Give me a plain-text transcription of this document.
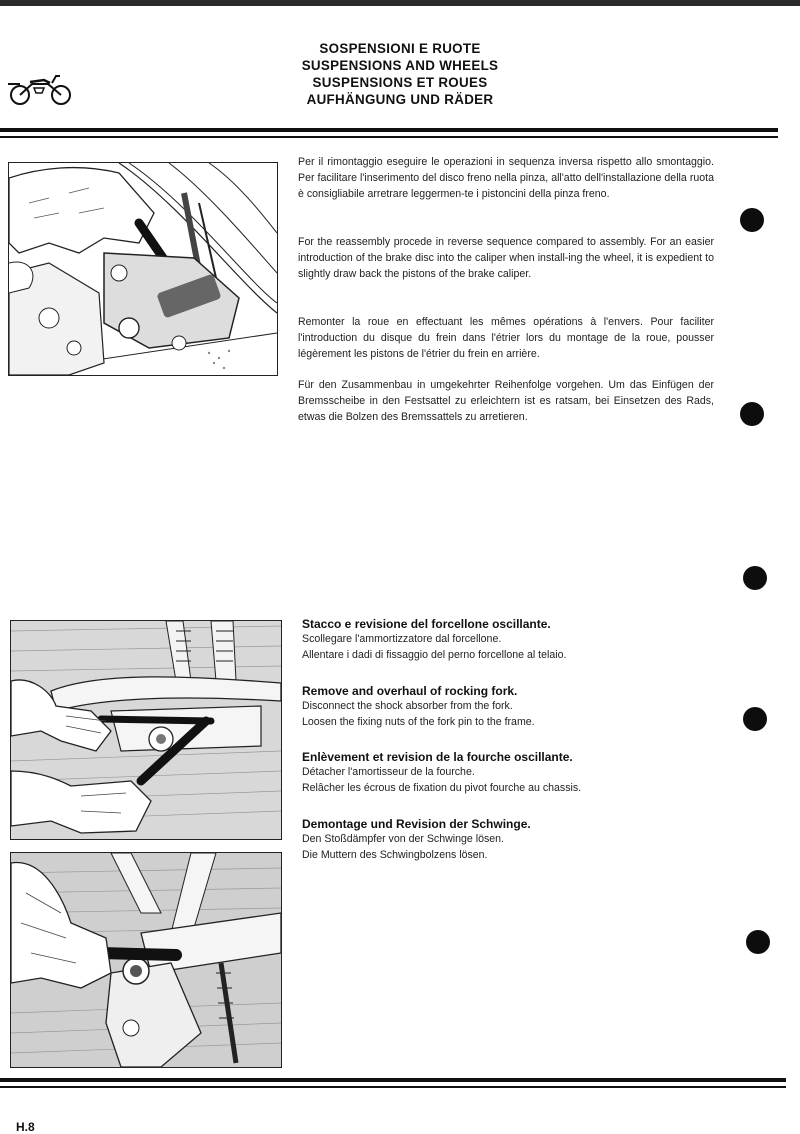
SOSPENSIONI E RUOTE
SUSPENSIONS AND WHEELS
SUSPENSIONS ET ROUES
AUFHÄNGUNG UND RÄDER

Per il rimontaggio eseguire le operazioni in sequenza inversa rispetto allo smontaggio. Per facilitare l'inserimento del disco freno nella pinza, all'atto dell'installazione della ruota è consigliabile arretrare leggermen-te i pistoncini della pinza freno.

For the reassembly procede in reverse sequence compared to assembly. For an easier introduction of the brake disc into the caliper when install-ing the wheel, it is expedient to slightly draw back the pistons of the brake caliper.

Remonter la roue en effectuant les mêmes opérations à l'envers. Pour faciliter l'introduction du disque du frein dans l'étrier lors du montage de la roue, pousser légèrement les pistons de l'étrier du frein en arrière.

Für den Zusammenbau in umgekehrter Reihenfolge vorgehen. Um das Einfügen der Bremsscheibe in den Festsattel zu erleichtern ist es ratsam, bei Einsetzen des Rads, etwas die Bolzen des Bremssattels zu arretieren.

Stacco e revisione del forcellone oscillante.

Scollegare l'ammortizzatore dal forcellone.

Allentare i dadi di fissaggio del perno forcellone al telaio.

Remove and overhaul of rocking fork.

Disconnect the shock absorber from the fork.

Loosen the fixing nuts of the fork pin to the frame.

Enlèvement et revision de la fourche oscillante.

Détacher l'amortisseur de la fourche.

Relâcher les écrous de fixation du pivot fourche au chassis.

Demontage und Revision der Schwinge.

Den Stoßdämpfer von der Schwinge lösen.

Die Muttern des Schwingbolzens lösen.

H.8
